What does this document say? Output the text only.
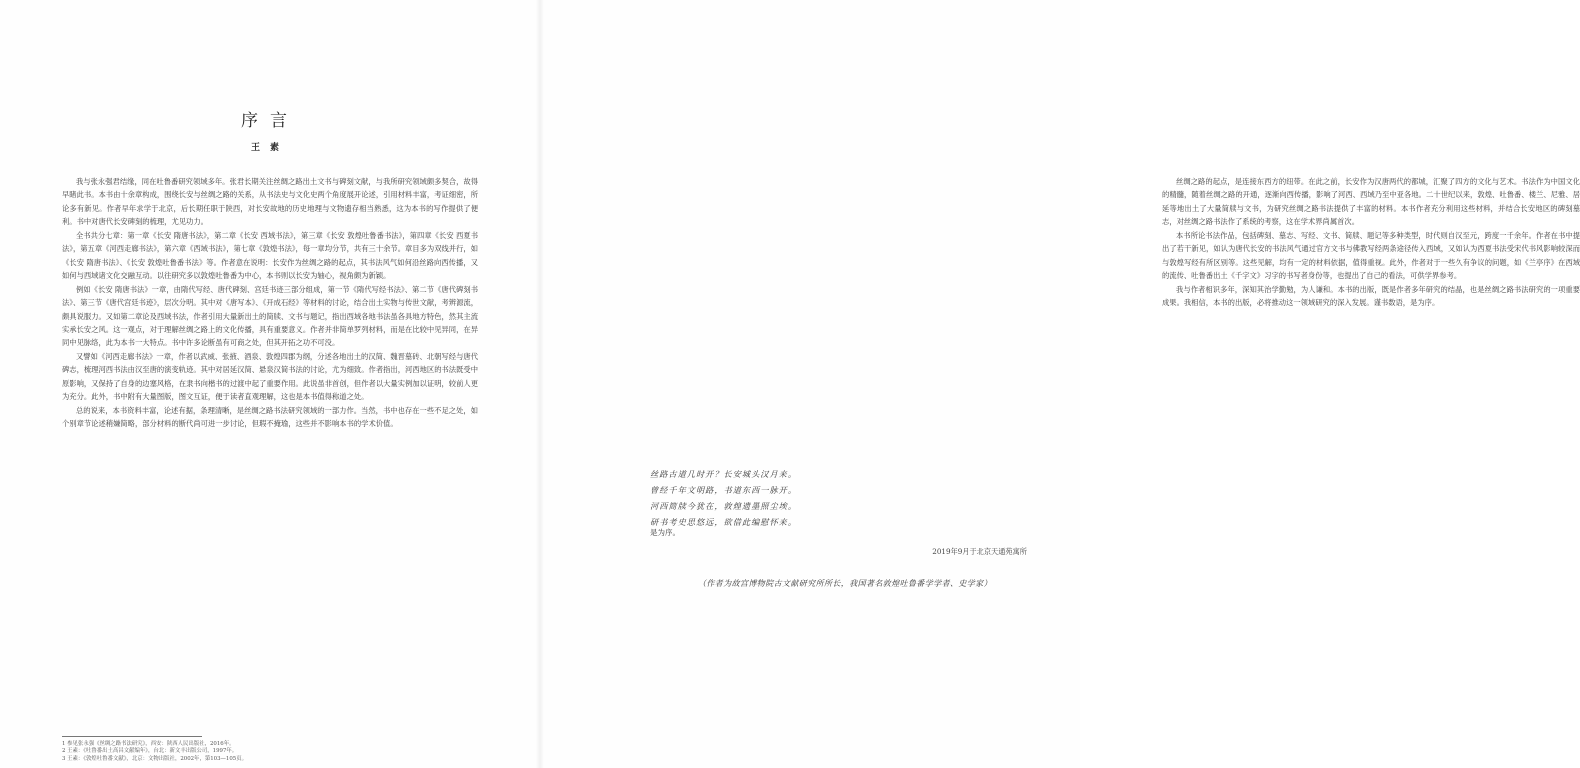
序言
王素

我与张永强君结缘，同在吐鲁番研究领域多年。张君长期关注丝绸之路出土文书与碑刻文献，与我所研究领域颇多契合，故得早睹此书。本书由十余章构成，围绕长安与丝绸之路的关系，从书法史与文化史两个角度展开论述，引用材料丰富，考证细密，所论多有新见。作者早年求学于北京，后长期任职于陕西，对长安故地的历史地理与文物遗存相当熟悉，这为本书的写作提供了便利。书中对唐代长安碑刻的梳理，尤见功力。

全书共分七章：第一章《长安 隋唐书法》，第二章《长安 西域书法》，第三章《长安 敦煌吐鲁番书法》，第四章《长安 西夏书法》，第五章《河西走廊书法》，第六章《西域书法》，第七章《敦煌书法》，每一章均分节，共有三十余节。章目多为双线并行，如《长安 隋唐书法》、《长安 敦煌吐鲁番书法》等。作者意在说明：长安作为丝绸之路的起点，其书法风气如何沿丝路向西传播，又如何与西域诸文化交融互动。以往研究多以敦煌吐鲁番为中心，本书则以长安为轴心，视角颇为新颖。

例如《长安 隋唐书法》一章，由隋代写经、唐代碑刻、宫廷书迹三部分组成，第一节《隋代写经书法》、第二节《唐代碑刻书法》、第三节《唐代宫廷书迹》，层次分明。其中对《唐写本》、《开成石经》等材料的讨论，结合出土实物与传世文献，考辨源流，颇具说服力。又如第二章论及西域书法，作者引用大量新出土的简牍、文书与题记，指出西域各地书法虽各具地方特色，然其主流实承长安之风。这一观点，对于理解丝绸之路上的文化传播，具有重要意义。作者并非简单罗列材料，而是在比较中见异同，在异同中见脉络，此为本书一大特点。书中许多论断虽有可商之处，但其开拓之功不可没。

又譬如《河西走廊书法》一章，作者以武威、张掖、酒泉、敦煌四郡为纲，分述各地出土的汉简、魏晋墓砖、北朝写经与唐代碑志，梳理河西书法由汉至唐的演变轨迹。其中对居延汉简、悬泉汉简书法的讨论，尤为细致。作者指出，河西地区的书法既受中原影响，又保持了自身的边塞风格，在隶书向楷书的过渡中起了重要作用。此说虽非首创，但作者以大量实例加以证明，较前人更为充分。此外，书中附有大量图版，图文互证，便于读者直观理解，这也是本书值得称道之处。

总的说来，本书资料丰富，论述有据，条理清晰，是丝绸之路书法研究领域的一部力作。当然，书中也存在一些不足之处，如个别章节论述稍嫌简略，部分材料的断代尚可进一步讨论，但瑕不掩瑜，这些并不影响本书的学术价值。

1 参见张永强《丝绸之路书法研究》，西安：陕西人民出版社，2016年。
2 王素：《吐鲁番出土高昌文献编年》，台北：新文丰出版公司，1997年。
3 王素：《敦煌吐鲁番文献》，北京：文物出版社，2002年，第103—105页。

丝绸之路的起点，是连接东西方的纽带。在此之前，长安作为汉唐两代的都城，汇聚了四方的文化与艺术。书法作为中国文化的精髓，随着丝绸之路的开通，逐渐向西传播，影响了河西、西域乃至中亚各地。二十世纪以来，敦煌、吐鲁番、楼兰、尼雅、居延等地出土了大量简牍与文书，为研究丝绸之路书法提供了丰富的材料。本书作者充分利用这些材料，并结合长安地区的碑刻墓志，对丝绸之路书法作了系统的考察，这在学术界尚属首次。

本书所论书法作品，包括碑刻、墓志、写经、文书、简牍、题记等多种类型，时代则自汉至元，跨度一千余年。作者在书中提出了若干新见，如认为唐代长安的书法风气通过官方文书与佛教写经两条途径传入西域，又如认为西夏书法受宋代书风影响较深而与敦煌写经有所区别等。这些见解，均有一定的材料依据，值得重视。此外，作者对于一些久有争议的问题，如《兰亭序》在西域的流传、吐鲁番出土《千字文》习字的书写者身份等，也提出了自己的看法，可供学界参考。

我与作者相识多年，深知其治学勤勉，为人谦和。本书的出版，既是作者多年研究的结晶，也是丝绸之路书法研究的一项重要成果。我相信，本书的出版，必将推动这一领域研究的深入发展。谨书数语，是为序。

丝路古道几时开？长安城头汉月来。
曾经千年文明路，书道东西一脉开。
河西简牍今犹在，敦煌遗墨照尘埃。
研书考史思悠远，欲借此编慰怀来。
是为序。
2019年9月于北京天通苑寓所
（作者为故宫博物院古文献研究所所长，我国著名敦煌吐鲁番学学者、史学家）
